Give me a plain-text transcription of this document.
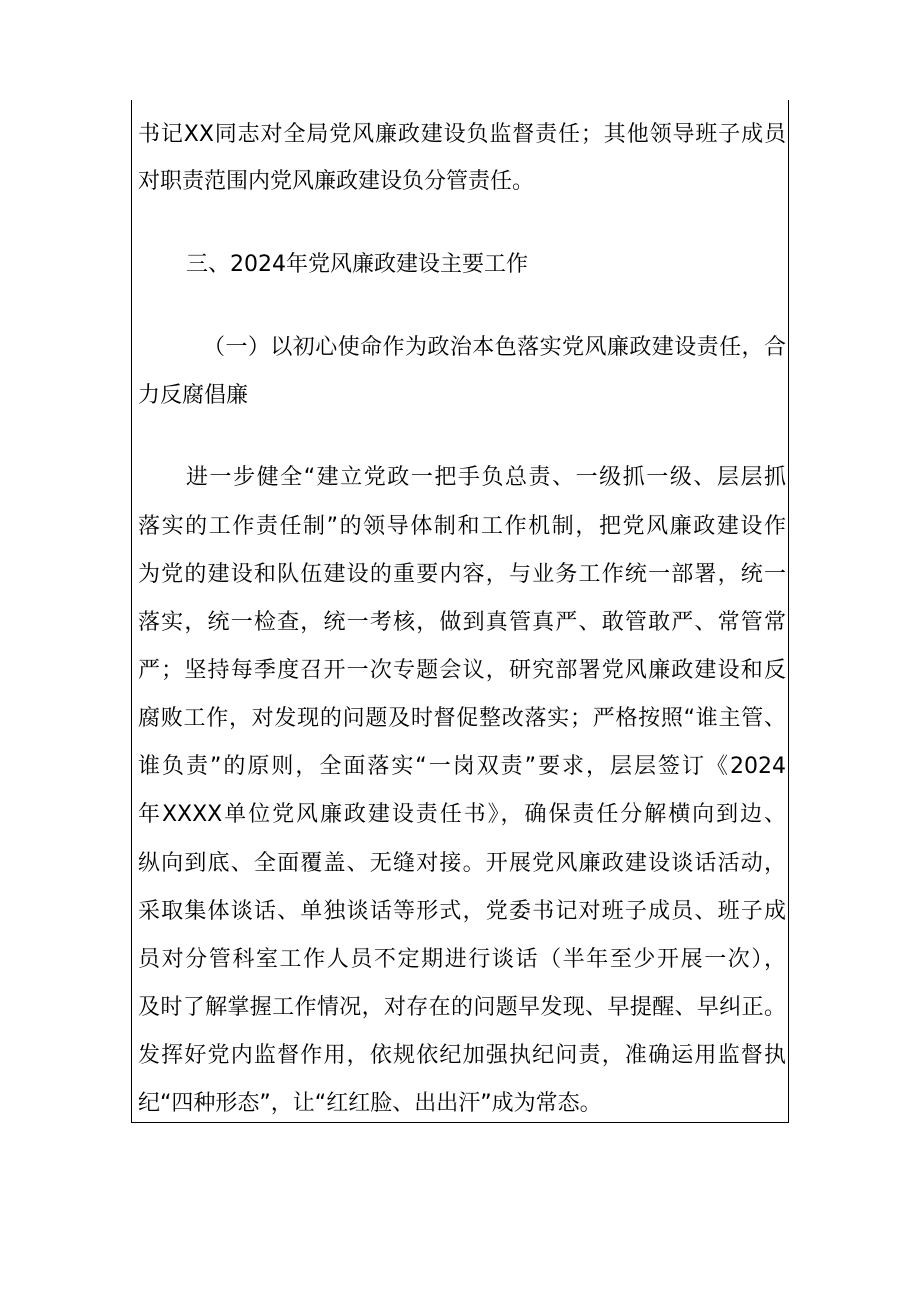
书记XX同志对全局党风廉政建设负监督责任；其他领导班子成员
对职责范围内党风廉政建设负分管责任。
三、2024年党风廉政建设主要工作
（一）以初心使命作为政治本色落实党风廉政建设责任，合
力反腐倡廉
进一步健全“建立党政一把手负总责、一级抓一级、层层抓
落实的工作责任制”的领导体制和工作机制，把党风廉政建设作
为党的建设和队伍建设的重要内容，与业务工作统一部署，统一
落实，统一检查，统一考核，做到真管真严、敢管敢严、常管常
严；坚持每季度召开一次专题会议，研究部署党风廉政建设和反
腐败工作，对发现的问题及时督促整改落实；严格按照“谁主管、
谁负责”的原则，全面落实“一岗双责”要求，层层签订《2024
年XXXX单位党风廉政建设责任书》，确保责任分解横向到边、
纵向到底、全面覆盖、无缝对接。开展党风廉政建设谈话活动，
采取集体谈话、单独谈话等形式，党委书记对班子成员、班子成
员对分管科室工作人员不定期进行谈话（半年至少开展一次），
及时了解掌握工作情况，对存在的问题早发现、早提醒、早纠正。
发挥好党内监督作用，依规依纪加强执纪问责，准确运用监督执
纪“四种形态”，让“红红脸、出出汗”成为常态。
